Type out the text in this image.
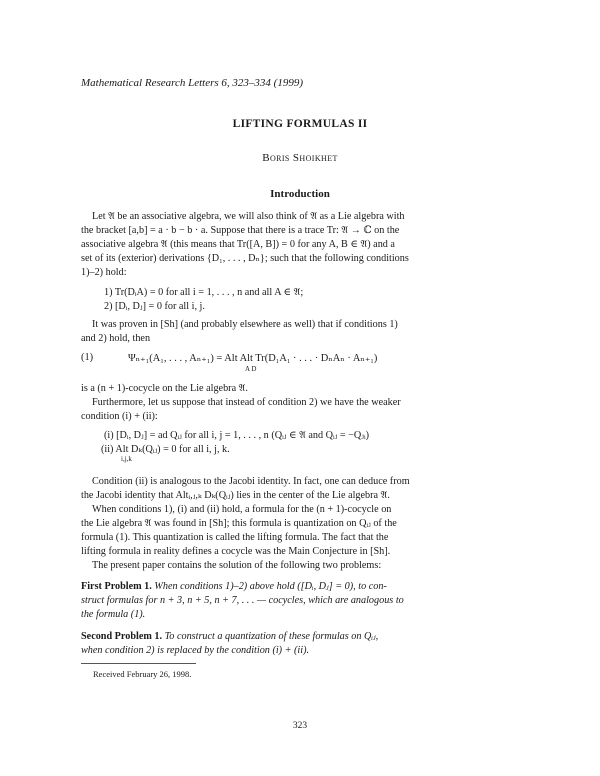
Mathematical Research Letters 6, 323–334 (1999)
LIFTING FORMULAS II
Boris Shoikhet
Introduction
Let 𝔄 be an associative algebra, we will also think of 𝔄 as a Lie algebra with
the bracket [a,b] = a · b − b · a. Suppose that there is a trace Tr: 𝔄 → ℂ on the
associative algebra 𝔄 (this means that Tr([A, B]) = 0 for any A, B ∈ 𝔄) and a
set of its (exterior) derivations {D₁, . . . , Dₙ}; such that the following conditions
1)–2) hold:
1) Tr(DᵢA) = 0 for all i = 1, . . . , n and all A ∈ 𝔄;
2) [Dᵢ, Dⱼ] = 0 for all i, j.
It was proven in [Sh] (and probably elsewhere as well) that if conditions 1)
and 2) hold, then
(1)	Ψₙ₊₁(A₁, . . . , Aₙ₊₁) = Alt Alt Tr(D₁A₁ · . . . · DₙAₙ · Aₙ₊₁)
A D
is a (n + 1)-cocycle on the Lie algebra 𝔄.
Furthermore, let us suppose that instead of condition 2) we have the weaker
condition (i) + (ii):
(i) [Dᵢ, Dⱼ] = ad Qᵢⱼ for all i, j = 1, . . . , n (Qᵢⱼ ∈ 𝔄 and Qᵢⱼ = −Qⱼᵢ)
(ii) Alt Dₖ(Qᵢⱼ) = 0 for all i, j, k.
i,j,k
Condition (ii) is analogous to the Jacobi identity. In fact, one can deduce from
the Jacobi identity that Altᵢ,ⱼ,ₖ Dₖ(Qᵢⱼ) lies in the center of the Lie algebra 𝔄.
When conditions 1), (i) and (ii) hold, a formula for the (n + 1)-cocycle on
the Lie algebra 𝔄 was found in [Sh]; this formula is quantization on Qᵢⱼ of the
formula (1). This quantization is called the lifting formula. The fact that the
lifting formula in reality defines a cocycle was the Main Conjecture in [Sh].
The present paper contains the solution of the following two problems:
First Problem 1. When conditions 1)–2) above hold ([Dᵢ, Dⱼ] = 0), to con-
struct formulas for n + 3, n + 5, n + 7, . . . — cocycles, which are analogous to
the formula (1).
Second Problem 1. To construct a quantization of these formulas on Qᵢⱼ,
when condition 2) is replaced by the condition (i) + (ii).
Received February 26, 1998.
323
